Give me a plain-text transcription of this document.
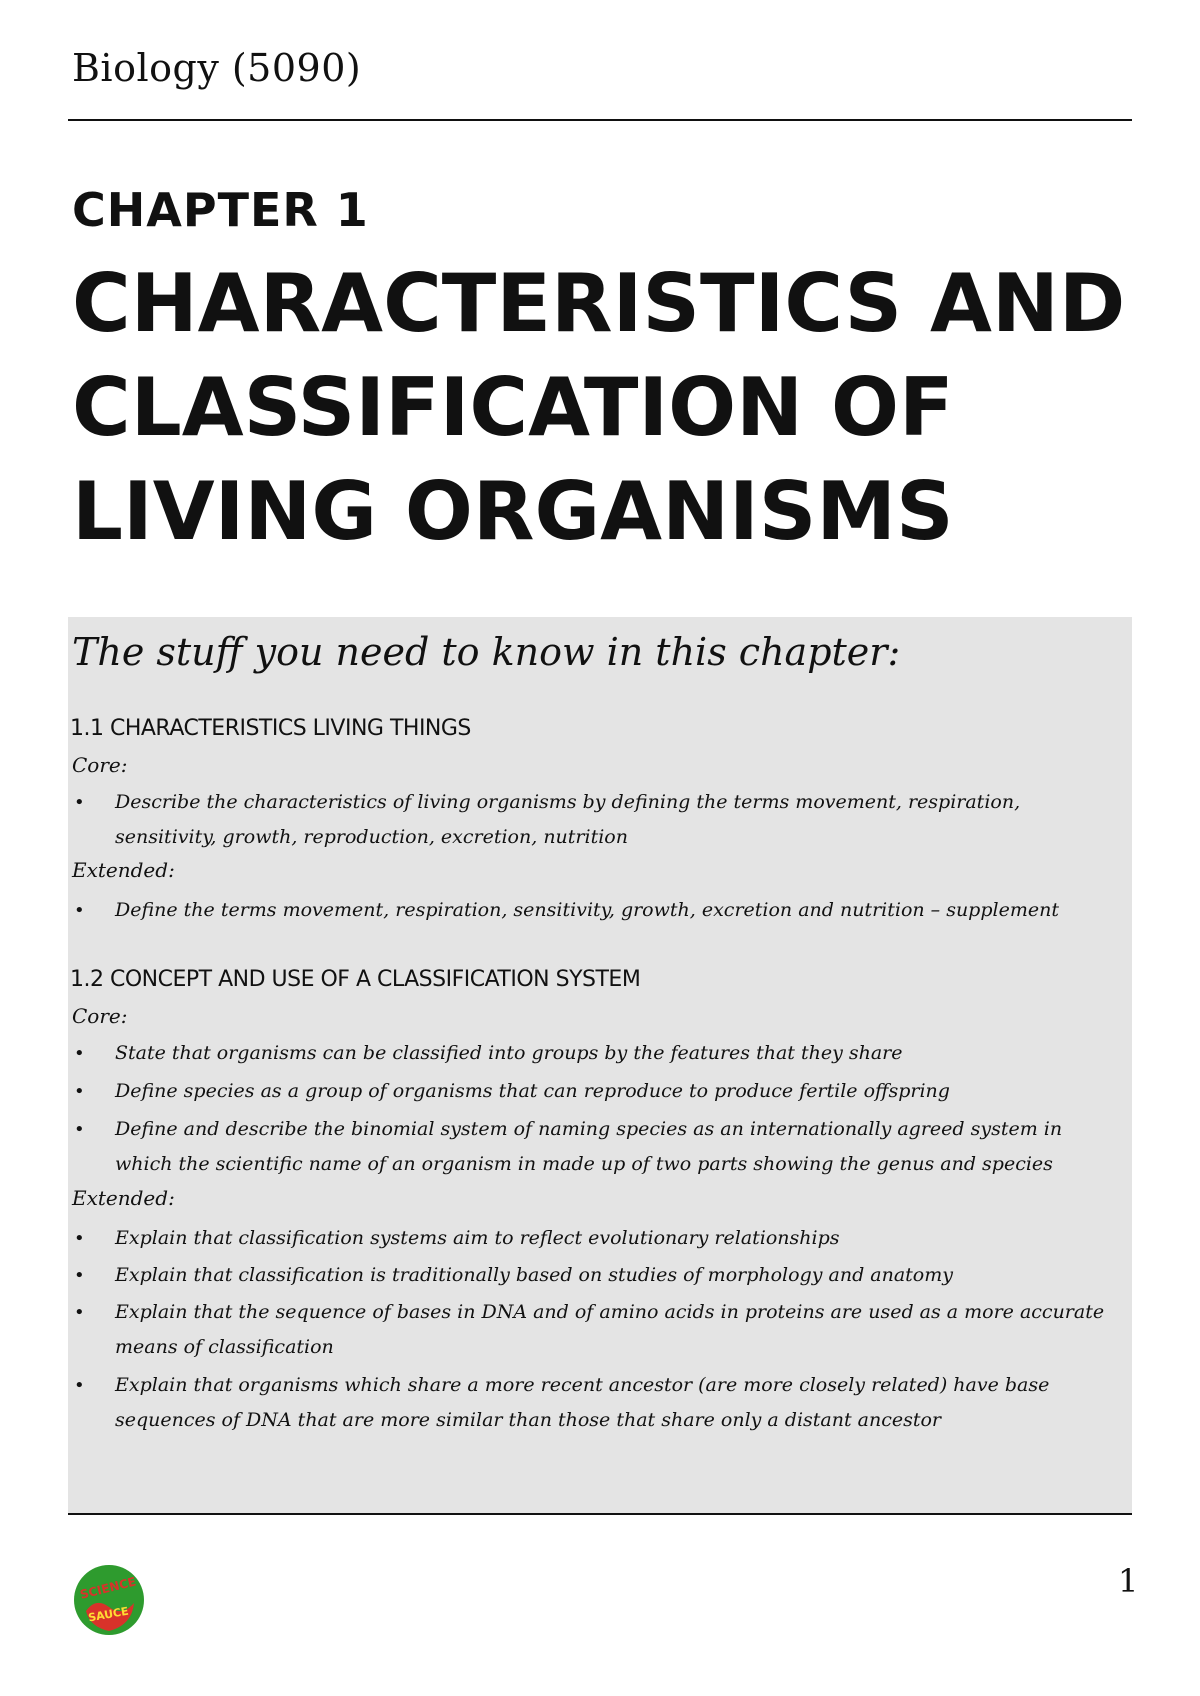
Biology (5090)
CHAPTER 1
CHARACTERISTICS AND CLASSIFICATION OF LIVING ORGANISMS
The stuff you need to know in this chapter:
1.1 CHARACTERISTICS LIVING THINGS
Core:
• Describe the characteristics of living organisms by defining the terms movement, respiration, sensitivity, growth, reproduction, excretion, nutrition
Extended:
• Define the terms movement, respiration, sensitivity, growth, excretion and nutrition – supplement
1.2 CONCEPT AND USE OF A CLASSIFICATION SYSTEM
Core:
• State that organisms can be classified into groups by the features that they share
• Define species as a group of organisms that can reproduce to produce fertile offspring
• Define and describe the binomial system of naming species as an internationally agreed system in which the scientific name of an organism in made up of two parts showing the genus and species
Extended:
• Explain that classification systems aim to reflect evolutionary relationships
• Explain that classification is traditionally based on studies of morphology and anatomy
• Explain that the sequence of bases in DNA and of amino acids in proteins are used as a more accurate means of classification
• Explain that organisms which share a more recent ancestor (are more closely related) have base sequences of DNA that are more similar than those that share only a distant ancestor
SCIENCE
SAUCE
1
